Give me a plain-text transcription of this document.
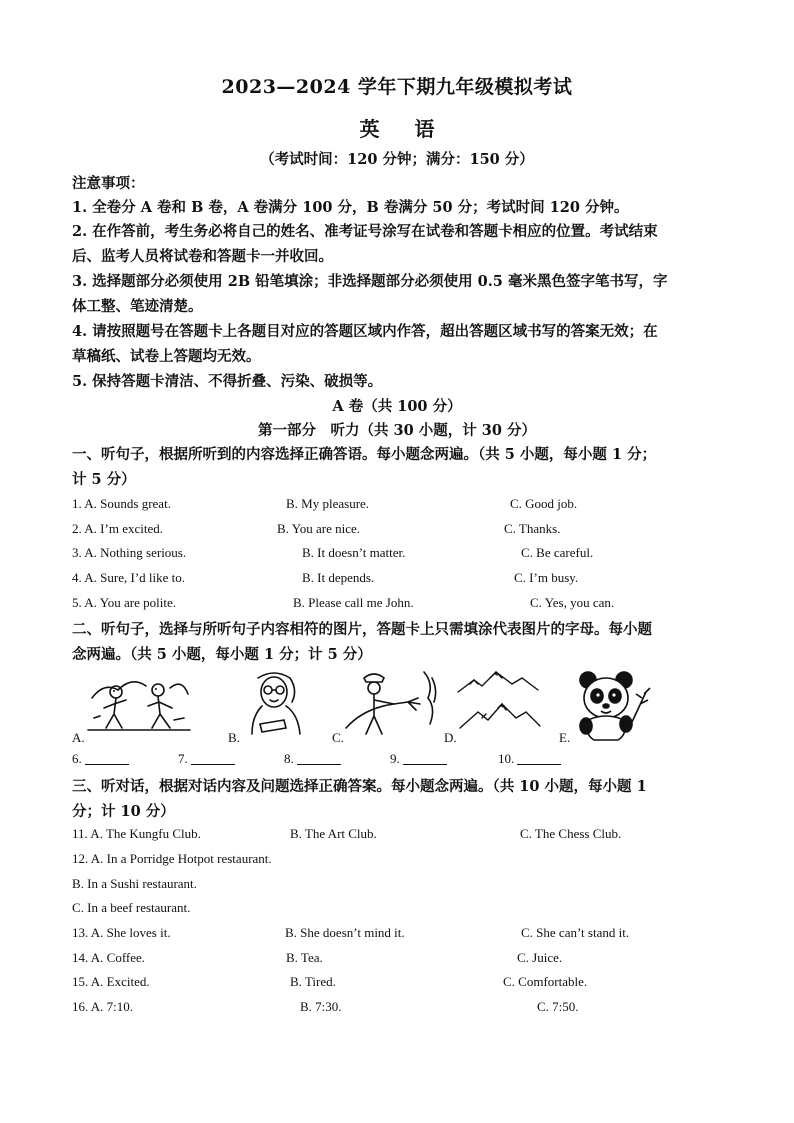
2023—2024 学年下期九年级模拟考试
英 语
（考试时间：120 分钟；满分：150 分）
注意事项：
1. 全卷分 A 卷和 B 卷，A 卷满分 100 分，B 卷满分 50 分；考试时间 120 分钟。
2. 在作答前，考生务必将自己的姓名、准考证号涂写在试卷和答题卡相应的位置。考试结束
后、监考人员将试卷和答题卡一并收回。
3. 选择题部分必须使用 2B 铅笔填涂；非选择题部分必须使用 0.5 毫米黑色签字笔书写，字
体工整、笔迹清楚。
4. 请按照题号在答题卡上各题目对应的答题区域内作答，超出答题区域书写的答案无效；在
草稿纸、试卷上答题均无效。
5. 保持答题卡清洁、不得折叠、污染、破损等。
A 卷（共 100 分）
第一部分　听力（共 30 小题，计 30 分）
一、听句子，根据所听到的内容选择正确答语。每小题念两遍。（共 5 小题，每小题 1 分；
计 5 分）
1. A. Sounds great.	B. My pleasure.	C. Good job.
2. A. I’m excited.	B. You are nice.	C. Thanks.
3. A. Nothing serious.	B. It doesn’t matter.	C. Be careful.
4. A. Sure, I’d like to.	B. It depends.	C. I’m busy.
5. A. You are polite.	B. Please call me John.	C. Yes, you can.
二、听句子，选择与所听句子内容相符的图片，答题卡上只需填涂代表图片的字母。每小题
念两遍。（共 5 小题，每小题 1 分；计 5 分）
A.	B.	C.	D.	E.
6.	7.	8.	9.	10.
三、听对话，根据对话内容及问题选择正确答案。每小题念两遍。（共 10 小题，每小题 1
分；计 10 分）
11. A. The Kungfu Club.	B. The Art Club.	C. The Chess Club.
12. A. In a Porridge Hotpot restaurant.
B. In a Sushi restaurant.
C. In a beef restaurant.
13. A. She loves it.	B. She doesn’t mind it.	C. She can’t stand it.
14. A. Coffee.	B. Tea.	C. Juice.
15. A. Excited.	B. Tired.	C. Comfortable.
16. A. 7:10.	B. 7:30.	C. 7:50.
